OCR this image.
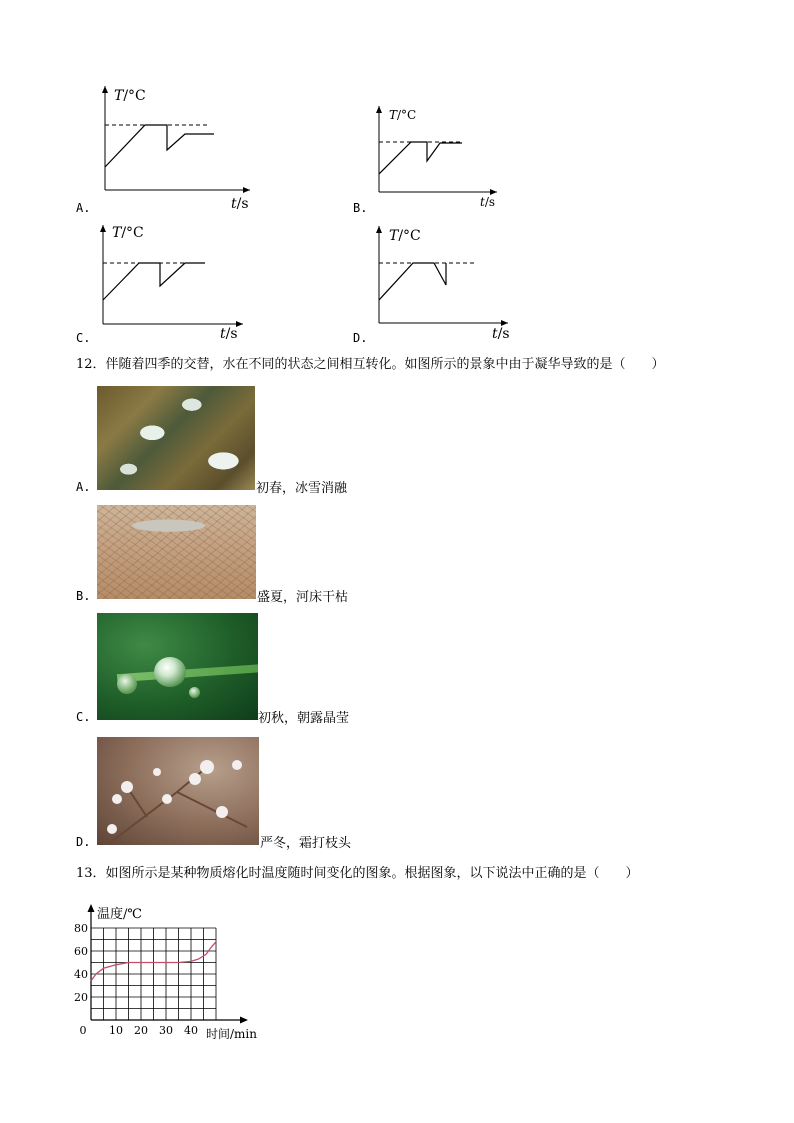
T/°C
t/s
A.
T/°C
t/s
B.
T/°C
t/s
C.
T/°C
t/s
D.
12．伴随着四季的交替，水在不同的状态之间相互转化。如图所示的景象中由于凝华导致的是（　　）
A.	初春，冰雪消融
B.	盛夏，河床干枯
C.	初秋，朝露晶莹
D.	严冬，霜打枝头
13．如图所示是某种物质熔化时温度随时间变化的图象。根据图象，以下说法中正确的是（　　）
0 10 20 30 40
20
40
60
80
温度/℃
时间/min
